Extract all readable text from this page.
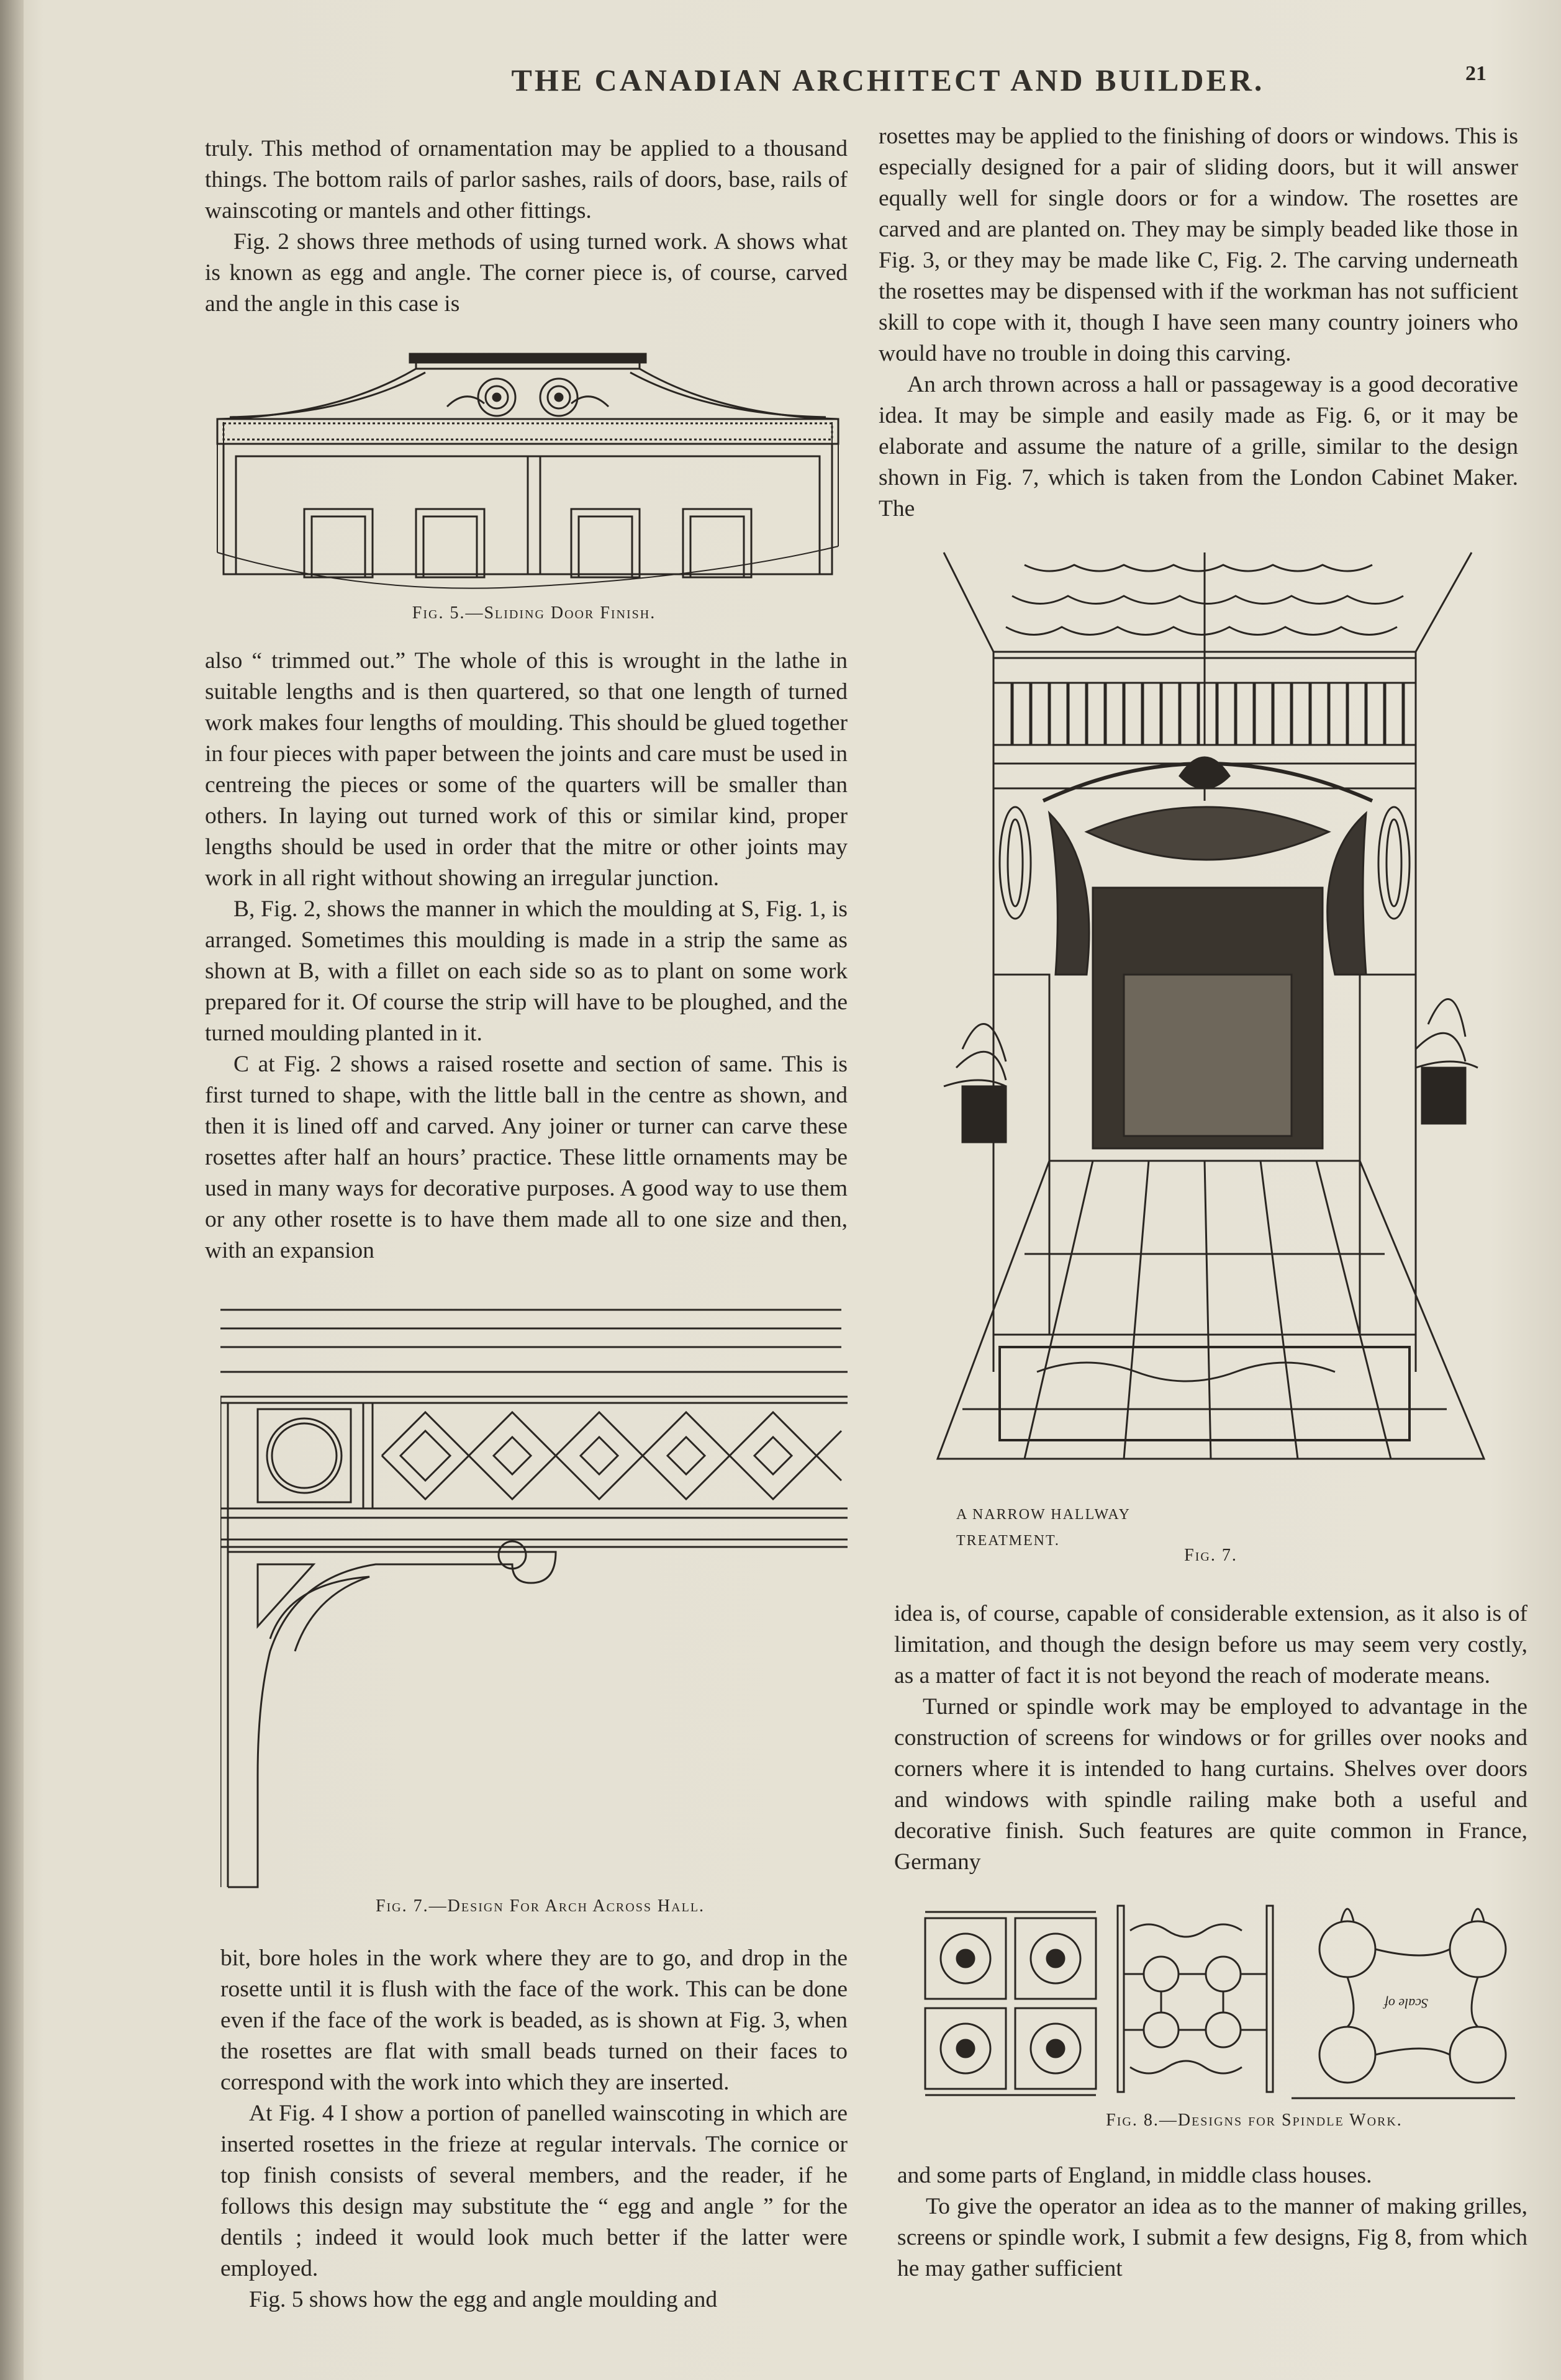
THE CANADIAN ARCHITECT AND BUILDER.	21

truly. This method of ornamentation may be applied to a thousand things. The bottom rails of parlor sashes, rails of doors, base, rails of wainscoting or mantels and other fittings.

Fig. 2 shows three methods of using turned work. A shows what is known as egg and angle. The corner piece is, of course, carved and the angle in this case is

Fig. 5.—Sliding Door Finish.

also “ trimmed out.” The whole of this is wrought in the lathe in suitable lengths and is then quartered, so that one length of turned work makes four lengths of moulding. This should be glued together in four pieces with paper between the joints and care must be used in centreing the pieces or some of the quarters will be smaller than others. In laying out turned work of this or similar kind, proper lengths should be used in order that the mitre or other joints may work in all right without showing an irregular junction.

B, Fig. 2, shows the manner in which the moulding at S, Fig. 1, is arranged. Sometimes this moulding is made in a strip the same as shown at B, with a fillet on each side so as to plant on some work prepared for it. Of course the strip will have to be ploughed, and the turned moulding planted in it.

C at Fig. 2 shows a raised rosette and section of same. This is first turned to shape, with the little ball in the centre as shown, and then it is lined off and carved. Any joiner or turner can carve these rosettes after half an hours’ practice. These little ornaments may be used in many ways for decorative purposes. A good way to use them or any other rosette is to have them made all to one size and then, with an expansion

Fig. 7.—Design For Arch Across Hall.

bit, bore holes in the work where they are to go, and drop in the rosette until it is flush with the face of the work. This can be done even if the face of the work is beaded, as is shown at Fig. 3, when the rosettes are flat with small beads turned on their faces to correspond with the work into which they are inserted.

At Fig. 4 I show a portion of panelled wainscoting in which are inserted rosettes in the frieze at regular intervals. The cornice or top finish consists of several members, and the reader, if he follows this design may substitute the “ egg and angle ” for the dentils ; indeed it would look much better if the latter were employed.

Fig. 5 shows how the egg and angle moulding and

rosettes may be applied to the finishing of doors or windows. This is especially designed for a pair of sliding doors, but it will answer equally well for single doors or for a window. The rosettes are carved and are planted on. They may be simply beaded like those in Fig. 3, or they may be made like C, Fig. 2. The carving underneath the rosettes may be dispensed with if the workman has not sufficient skill to cope with it, though I have seen many country joiners who would have no trouble in doing this carving.

An arch thrown across a hall or passageway is a good decorative idea. It may be simple and easily made as Fig. 6, or it may be elaborate and assume the nature of a grille, similar to the design shown in Fig. 7, which is taken from the London Cabinet Maker. The

A NARROW HALLWAY
TREATMENT.
Fig. 7.

idea is, of course, capable of considerable extension, as it also is of limitation, and though the design before us may seem very costly, as a matter of fact it is not beyond the reach of moderate means.

Turned or spindle work may be employed to advantage in the construction of screens for windows or for grilles over nooks and corners where it is intended to hang curtains. Shelves over doors and windows with spindle railing make both a useful and decorative finish. Such features are quite common in France, Germany

Scale of
Fig. 8.—Designs for Spindle Work.

and some parts of England, in middle class houses.

To give the operator an idea as to the manner of making grilles, screens or spindle work, I submit a few designs, Fig 8, from which he may gather sufficient
